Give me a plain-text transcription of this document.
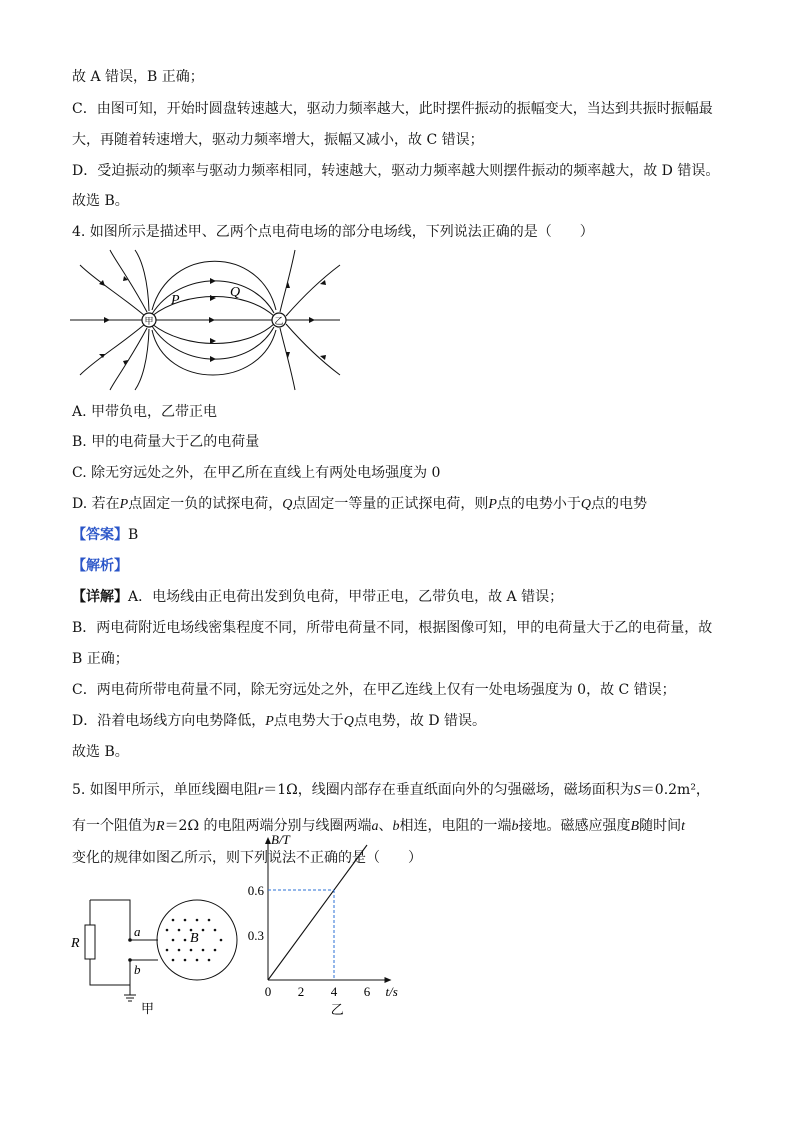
故 A 错误，B 正确；
C．由图可知，开始时圆盘转速越大，驱动力频率越大，此时摆件振动的振幅变大，当达到共振时振幅最
大，再随着转速增大，驱动力频率增大，振幅又减小，故 C 错误；
D．受迫振动的频率与驱动力频率相同，转速越大，驱动力频率越大则摆件振动的频率越大，故 D 错误。
故选 B。
4. 如图所示是描述甲、乙两个点电荷电场的部分电场线，下列说法正确的是（　　）
甲	乙
P
Q
A. 甲带负电，乙带正电
B. 甲的电荷量大于乙的电荷量
C. 除无穷远处之外，在甲乙所在直线上有两处电场强度为 0
D. 若在P点固定一负的试探电荷，Q点固定一等量的正试探电荷，则P点的电势小于Q点的电势
【答案】B
【解析】
【详解】A．电场线由正电荷出发到负电荷，甲带正电，乙带负电，故 A 错误；
B．两电荷附近电场线密集程度不同，所带电荷量不同，根据图像可知，甲的电荷量大于乙的电荷量，故
B 正确；
C．两电荷所带电荷量不同，除无穷远处之外，在甲乙连线上仅有一处电场强度为 0，故 C 错误；
D．沿着电场线方向电势降低，P点电势大于Q点电势，故 D 错误。
故选 B。
5. 如图甲所示，单匝线圈电阻r＝1Ω，线圈内部存在垂直纸面向外的匀强磁场，磁场面积为S＝0.2m²，
有一个阻值为R＝2Ω 的电阻两端分别与线圈两端a、b相连，电阻的一端b接地。磁感应强度B随时间t
变化的规律如图乙所示，则下列说法不正确的是（　　）
R
a
b
B
甲
0 2 4 6
0.3
0.6
B/T
t/s
乙
